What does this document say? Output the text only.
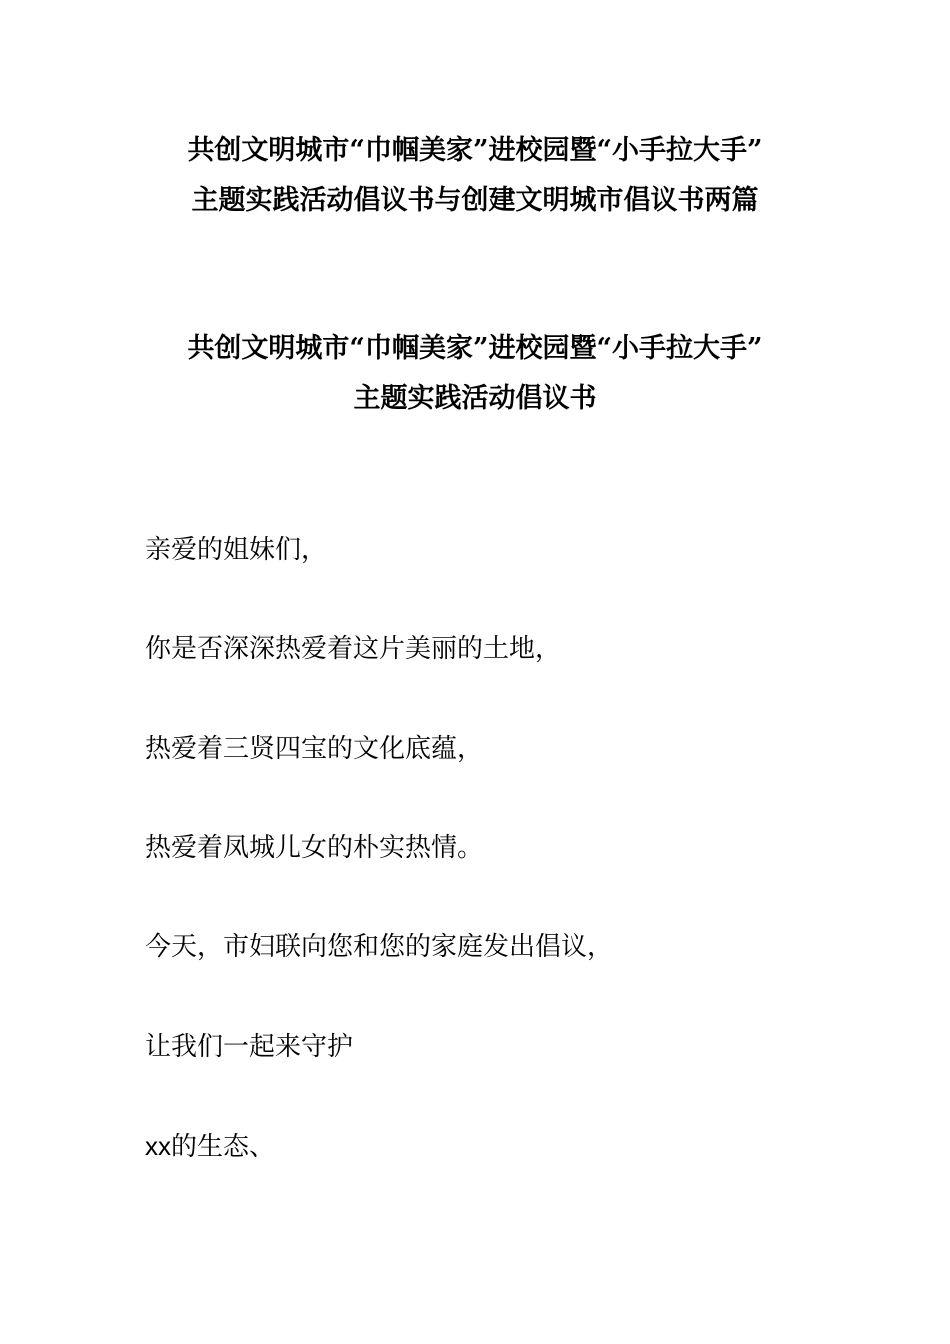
共创文明城市“巾帼美家”进校园暨“小手拉大手”
主题实践活动倡议书与创建文明城市倡议书两篇
共创文明城市“巾帼美家”进校园暨“小手拉大手”
主题实践活动倡议书
亲爱的姐妹们，
你是否深深热爱着这片美丽的土地，
热爱着三贤四宝的文化底蕴，
热爱着凤城儿女的朴实热情。
今天，市妇联向您和您的家庭发出倡议，
让我们一起来守护
xx的生态、
